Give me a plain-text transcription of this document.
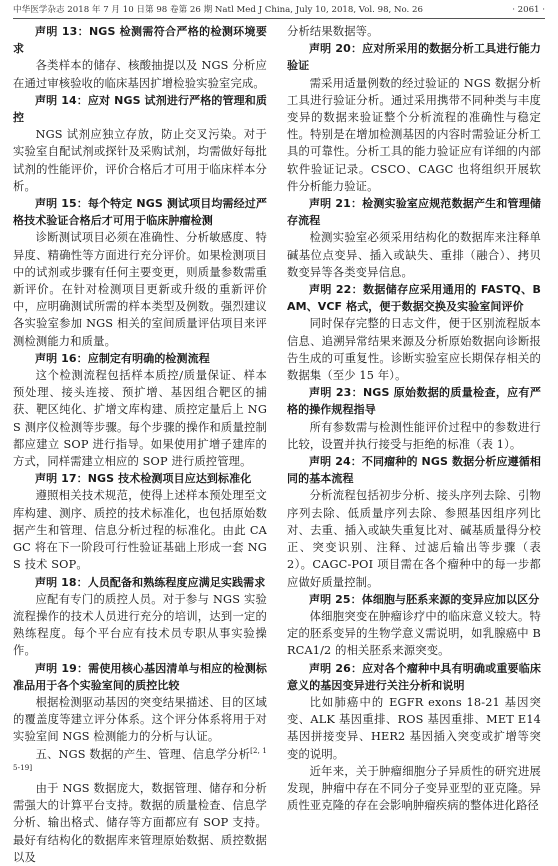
中华医学杂志 2018 年 7 月 10 日第 98 卷第 26 期 Natl Med J China, July 10, 2018, Vol. 98, No. 26	· 2061 ·

声明 13：NGS 检测需符合严格的检测环境要求

各类样本的储存、核酸抽提以及 NGS 分析应在通过审核验收的临床基因扩增检验实验室完成。

声明 14：应对 NGS 试剂进行严格的管理和质控

NGS 试剂应独立存放，防止交叉污染。对于实验室自配试剂或探针及采购试剂，均需做好每批试剂的性能评价，评价合格后才可用于临床样本分析。

声明 15：每个特定 NGS 测试项目均需经过严格技术验证合格后才可用于临床肿瘤检测

诊断测试项目必须在准确性、分析敏感度、特异度、精确性等方面进行充分评价。如果检测项目中的试剂或步骤有任何主要变更，则质量参数需重新评价。在针对检测项目更新或升级的重新评价中，应明确测试所需的样本类型及例数。强烈建议各实验室参加 NGS 相关的室间质量评估项目来评测检测能力和质量。

声明 16：应制定有明确的检测流程

这个检测流程包括样本质控/质量保证、样本预处理、接头连接、预扩增、基因组合靶区的捕获、靶区纯化、扩增文库构建、质控定量后上 NGS 测序仪检测等步骤。每个步骤的操作和质量控制都应建立 SOP 进行指导。如果使用扩增子建库的方式，同样需建立相应的 SOP 进行质控管理。

声明 17：NGS 技术检测项目应达到标准化

遵照相关技术规范，使得上述样本预处理至文库构建、测序、质控的技术标准化，也包括原始数据产生和管理、信息分析过程的标准化。由此 CAGC 将在下一阶段可行性验证基础上形成一套 NGS 技术 SOP。

声明 18：人员配备和熟练程度应满足实践需求

应配有专门的质控人员。对于参与 NGS 实验流程操作的技术人员进行充分的培训，达到一定的熟练程度。每个平台应有技术员专职从事实验操作。

声明 19：需使用核心基因清单与相应的检测标准品用于各个实验室间的质控比较

根据检测驱动基因的突变结果描述、目的区域的覆盖度等建立评分体系。这个评分体系将用于对实验室间 NGS 检测能力的分析与认证。

五、NGS 数据的产生、管理、信息学分析[2, 15-19]

由于 NGS 数据庞大，数据管理、储存和分析需强大的计算平台支持。数据的质量检查、信息学分析、输出格式、储存等方面都应有 SOP 支持。最好有结构化的数据库来管理原始数据、质控数据以及

分析结果数据等。

声明 20：应对所采用的数据分析工具进行能力验证

需采用适量例数的经过验证的 NGS 数据分析工具进行验证分析。通过采用携带不同种类与丰度变异的数据来验证整个分析流程的准确性与稳定性。特别是在增加检测基因的内容时需验证分析工具的可靠性。分析工具的能力验证应有详细的内部软件验证记录。CSCO、CAGC 也将组织开展软件分析能力验证。

声明 21：检测实验室应规范数据产生和管理储存流程

检测实验室必须采用结构化的数据库来注释单碱基位点变异、插入或缺失、重排（融合）、拷贝数变异等各类变异信息。

声明 22：数据储存应采用通用的 FASTQ、BAM、VCF 格式，便于数据交换及实验室间评价

同时保存完整的日志文件，便于区别流程版本信息、追溯异常结果来源及分析原始数据向诊断报告生成的可重复性。诊断实验室应长期保存相关的数据集（至少 15 年）。

声明 23：NGS 原始数据的质量检查，应有严格的操作规程指导

所有参数需与检测性能评价过程中的参数进行比较，设置并执行接受与拒绝的标准（表 1）。

声明 24：不同瘤种的 NGS 数据分析应遵循相同的基本流程

分析流程包括初步分析、接头序列去除、引物序列去除、低质量序列去除、参照基因组序列比对、去重、插入或缺失重复比对、碱基质量得分校正、突变识别、注释、过滤后输出等步骤（表 2）。CAGC-POI 项目需在各个瘤种中的每一步都应做好质量控制。

声明 25：体细胞与胚系来源的变异应加以区分

体细胞突变在肿瘤诊疗中的临床意义较大。特定的胚系变异的生物学意义需说明，如乳腺癌中 BRCA1/2 的相关胚系来源突变。

声明 26：应对各个瘤种中具有明确或重要临床意义的基因变异进行关注分析和说明

比如肺癌中的 EGFR exons 18-21 基因突变、ALK 基因重排、ROS 基因重排、MET E14 基因拼接变异、HER2 基因插入突变或扩增等突变的说明。

近年来，关于肿瘤细胞分子异质性的研究进展发现，肿瘤中存在不同分子变异亚型的亚克隆。异质性亚克隆的存在会影响肿瘤疾病的整体进化路径
